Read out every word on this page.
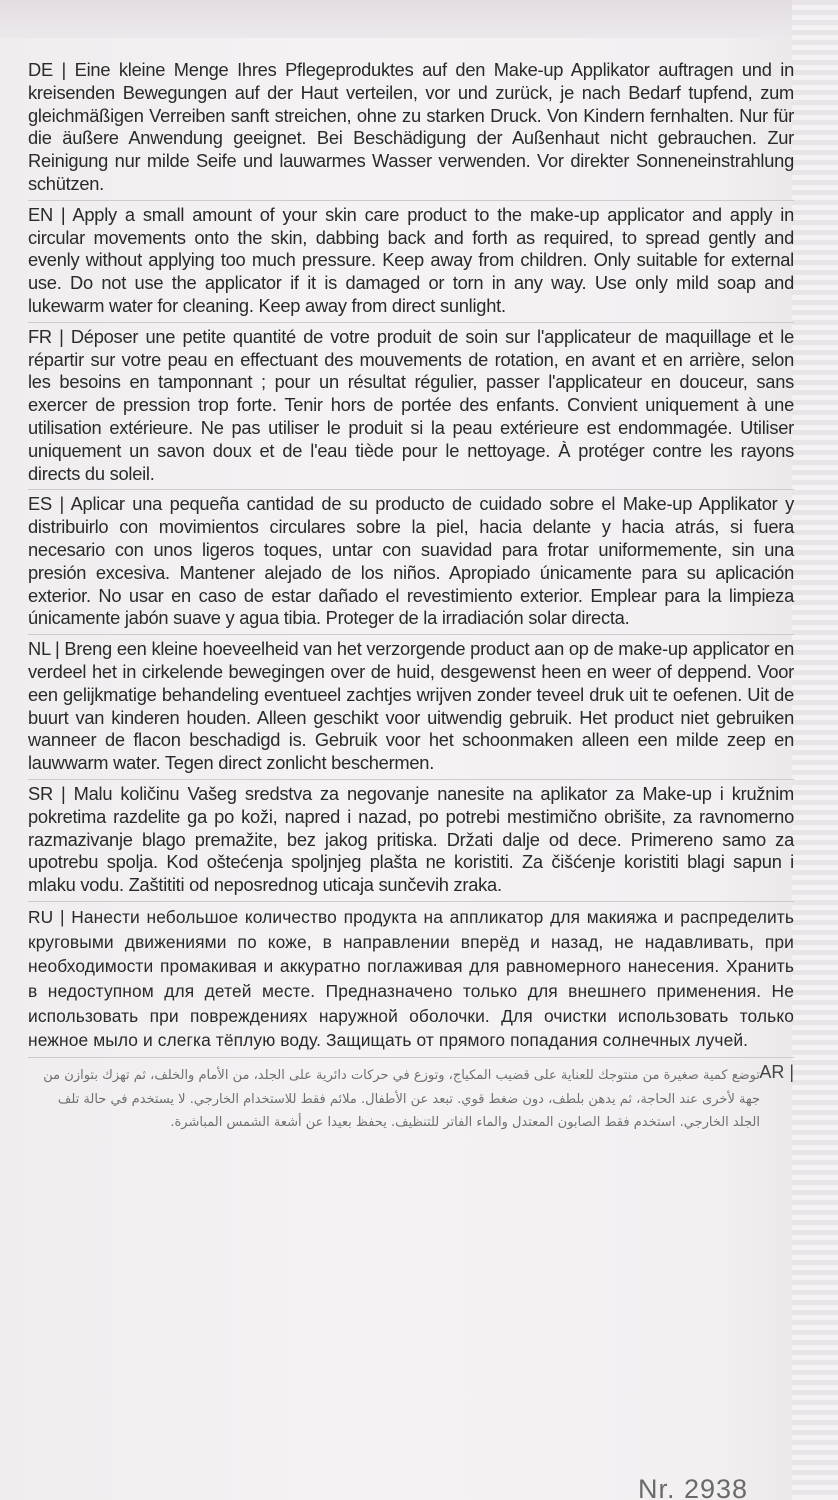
DE | Eine kleine Menge Ihres Pflegeproduktes auf den Make-up Applikator auftragen und in kreisenden Bewegungen auf der Haut verteilen, vor und zurück, je nach Bedarf tupfend, zum gleichmäßigen Verreiben sanft streichen, ohne zu starken Druck. Von Kindern fernhalten. Nur für die äußere Anwendung geeignet. Bei Beschädigung der Außenhaut nicht gebrauchen. Zur Reinigung nur milde Seife und lauwarmes Wasser verwenden. Vor direkter Sonneneinstrahlung schützen.

EN | Apply a small amount of your skin care product to the make-up applicator and apply in circular movements onto the skin, dabbing back and forth as required, to spread gently and evenly without applying too much pressure. Keep away from children. Only suitable for external use. Do not use the applicator if it is damaged or torn in any way. Use only mild soap and lukewarm water for cleaning. Keep away from direct sunlight.

FR | Déposer une petite quantité de votre produit de soin sur l'applicateur de maquillage et le répartir sur votre peau en effectuant des mouvements de rotation, en avant et en arrière, selon les besoins en tamponnant ; pour un résultat régulier, passer l'applicateur en douceur, sans exercer de pression trop forte. Tenir hors de portée des enfants. Convient uniquement à une utilisation extérieure. Ne pas utiliser le produit si la peau extérieure est endommagée. Utiliser uniquement un savon doux et de l'eau tiède pour le nettoyage. À protéger contre les rayons directs du soleil.

ES | Aplicar una pequeña cantidad de su producto de cuidado sobre el Make-up Applikator y distribuirlo con movimientos circulares sobre la piel, hacia delante y hacia atrás, si fuera necesario con unos ligeros toques, untar con suavidad para frotar uniformemente, sin una presión excesiva. Mantener alejado de los niños. Apropiado únicamente para su aplicación exterior. No usar en caso de estar dañado el revestimiento exterior. Emplear para la limpieza únicamente jabón suave y agua tibia. Proteger de la irradiación solar directa.

NL | Breng een kleine hoeveelheid van het verzorgende product aan op de make-up applicator en verdeel het in cirkelende bewegingen over de huid, desgewenst heen en weer of deppend. Voor een gelijkmatige behandeling eventueel zachtjes wrijven zonder teveel druk uit te oefenen. Uit de buurt van kinderen houden. Alleen geschikt voor uitwendig gebruik. Het product niet gebruiken wanneer de flacon beschadigd is. Gebruik voor het schoonmaken alleen een milde zeep en lauwwarm water. Tegen direct zonlicht beschermen.

SR | Malu količinu Vašeg sredstva za negovanje nanesite na aplikator za Make-up i kružnim pokretima razdelite ga po koži, napred i nazad, po potrebi mestimično obrišite, za ravnomerno razmazivanje blago premažite, bez jakog pritiska. Držati dalje od dece. Primereno samo za upotrebu spolja. Kod oštećenja spoljnjeg plašta ne koristiti. Za čišćenje koristiti blagi sapun i mlaku vodu. Zaštititi od neposrednog uticaja sunčevih zraka.

RU | Нанести небольшое количество продукта на аппликатор для макияжа и распределить круговыми движениями по коже, в направлении вперёд и назад, не надавливать, при необходимости промакивая и аккуратно поглаживая для равномерного нанесения. Хранить в недоступном для детей месте. Предназначено только для внешнего применения. Не использовать при повреждениях наружной оболочки. Для очистки использовать только нежное мыло и слегка тёплую воду. Защищать от прямого попадания солнечных лучей.

AR |

توضع كمية صغيرة من منتوجك للعناية على قضيب المكياج، وتوزع في حركات دائرية على الجلد، من الأمام والخلف، ثم تهزك بتوازن من جهة لأخرى عند الحاجة، ثم يدهن بلطف، دون ضغط قوي. تبعد عن الأطفال. ملائم فقط للاستخدام الخارجي. لا يستخدم في حالة تلف الجلد الخارجي. استخدم فقط الصابون المعتدل والماء الفاتر للتنظيف. يحفظ بعيدا عن أشعة الشمس المباشرة.

Nr. 2938
